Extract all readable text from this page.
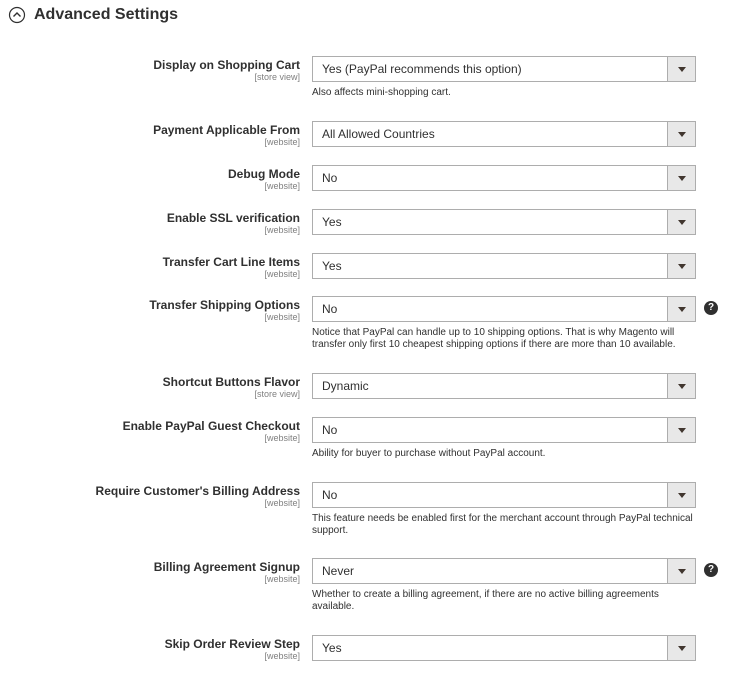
Advanced Settings
Display on Shopping Cart
[store view]
Yes (PayPal recommends this option)
Also affects mini-shopping cart.
Payment Applicable From
[website]
All Allowed Countries
Debug Mode
[website]
No
Enable SSL verification
[website]
Yes
Transfer Cart Line Items
[website]
Yes
Transfer Shipping Options
[website]
No	?
Notice that PayPal can handle up to 10 shipping options. That is why Magento will transfer only first 10 cheapest shipping options if there are more than 10 available.
Shortcut Buttons Flavor
[store view]
Dynamic
Enable PayPal Guest Checkout
[website]
No
Ability for buyer to purchase without PayPal account.
Require Customer's Billing Address
[website]
No
This feature needs be enabled first for the merchant account through PayPal technical support.
Billing Agreement Signup
[website]
Never	?
Whether to create a billing agreement, if there are no active billing agreements available.
Skip Order Review Step
[website]
Yes
